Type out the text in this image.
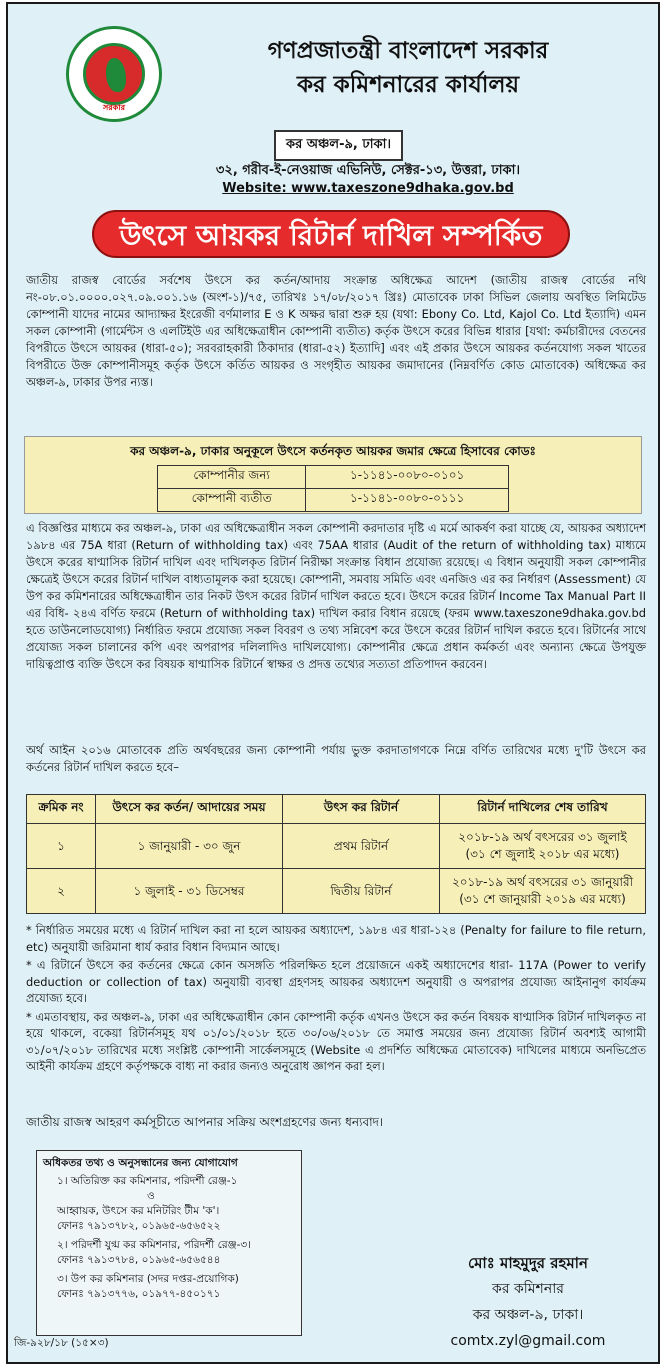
সরকার
গণপ্রজাতন্ত্রী বাংলাদেশ সরকার
কর কমিশনারের কার্যালয়
কর অঞ্চল-৯, ঢাকা।
৩২, গরীব-ই-নেওয়াজ এভিনিউ, সেক্টর-১৩, উত্তরা, ঢাকা।
Website: www.taxeszone9dhaka.gov.bd
উৎসে আয়কর রিটার্ন দাখিল সম্পর্কিত
জাতীয় রাজস্ব বোর্ডের সর্বশেষ উৎসে কর কর্তন/আদায় সংক্রান্ত অধিক্ষেত্র আদেশ (জাতীয় রাজস্ব বোর্ডের নথি নং-০৮.০১.০০০০.০২৭.০৯.০০১.১৬ (অংশ-১)/৭৫, তারিখঃ ১৭/০৮/২০১৭ খ্রিঃ) মোতাবেক ঢাকা সিভিল জেলায় অবস্থিত লিমিটেড কোম্পানী যাদের নামের আদ্যাক্ষর ইংরেজী বর্ণমালার E ও K অক্ষর দ্বারা শুরু হয় (যথা: Ebony Co. Ltd, Kajol Co. Ltd ইত্যাদি) এমন সকল কোম্পানী (গার্মেন্টস ও এলটিইউ এর অধিক্ষেত্রাধীন কোম্পানী ব্যতীত) কর্তৃক উৎসে করের বিভিন্ন ধারার [যথা: কর্মচারীদের বেতনের বিপরীতে উৎসে আয়কর (ধারা-৫০); সরবরাহকারী ঠিকাদার (ধারা-৫২) ইত্যাদি] এবং এই প্রকার উৎসে আয়কর কর্তনযোগ্য সকল খাতের বিপরীতে উক্ত কোম্পানীসমূহ কর্তৃক উৎসে কর্তিত আয়কর ও সংগৃহীত আয়কর জমাদানের (নিম্নবর্ণিত কোড মোতাবেক) অধিক্ষেত্র কর অঞ্চল-৯, ঢাকার উপর ন্যস্ত।
কর অঞ্চল-৯, ঢাকার অনুকূলে উৎসে কর্তনকৃত আয়কর জমার ক্ষেত্রে হিসাবের কোডঃ
কোম্পানীর জন্য	১-১১৪১-০০৮০-০১০১
কোম্পানী ব্যতীত	১-১১৪১-০০৮০-০১১১
এ বিজ্ঞপ্তির মাধ্যমে কর অঞ্চল-৯, ঢাকা এর অধিক্ষেত্রাধীন সকল কোম্পানী করদাতার দৃষ্টি এ মর্মে আকর্ষণ করা যাচ্ছে যে, আয়কর অধ্যাদেশ ১৯৮৪ এর 75A ধারা (Return of withholding tax) এবং 75AA ধারার (Audit of the return of withholding tax) মাধ্যমে উৎসে করের ষাণ্মাসিক রিটার্ন দাখিল এবং দাখিলকৃত রিটার্ন নিরীক্ষা সংক্রান্ত বিধান প্রযোজ্য রয়েছে। এ বিধান অনুযায়ী সকল কোম্পানীর ক্ষেত্রেই উৎসে করের রিটার্ন দাখিল বাধ্যতামূলক করা হয়েছে। কোম্পানী, সমবায় সমিতি এবং এনজিও এর কর নির্ধারণ (Assessment) যে উপ কর কমিশনারের অধিক্ষেত্রাধীন তার নিকট উৎস করের রিটার্ন দাখিল করতে হবে। উৎসে করের রিটার্ন Income Tax Manual Part II এর বিধি- ২৪এ বর্ণিত ফরমে (Return of withholding tax) দাখিল করার বিধান রয়েছে (ফরম www.taxeszone9dhaka.gov.bd হতে ডাউনলোডযোগ্য) নির্ধারিত ফরমে প্রযোজ্য সকল বিবরণ ও তথ্য সন্নিবেশ করে উৎসে করের রিটার্ন দাখিল করতে হবে। রিটার্নের সাথে প্রযোজ্য সকল চালানের কপি এবং অপরাপর দলিলাদিও দাখিলযোগ্য। কোম্পানীর ক্ষেত্রে প্রধান কর্মকর্তা এবং অন্যান্য ক্ষেত্রে উপযুক্ত দায়িত্বপ্রাপ্ত ব্যক্তি উৎসে কর বিষয়ক ষাণ্মাসিক রিটার্নে স্বাক্ষর ও প্রদত্ত তথ্যের সত্যতা প্রতিপাদন করবেন।
অর্থ আইন ২০১৬ মোতাবেক প্রতি অর্থবছরের জন্য কোম্পানী পর্যায় ভুক্ত করদাতাগণকে নিম্নে বর্ণিত তারিখের মধ্যে দু'টি উৎসে কর কর্তনের রিটার্ন দাখিল করতে হবে–
ক্রমিক নং	উৎসে কর কর্তন/ আদায়ের সময়	উৎস কর রিটার্ন	রিটার্ন দাখিলের শেষ তারিখ
১	১ জানুয়ারী - ৩০ জুন	প্রথম রিটার্ন	২০১৮-১৯ অর্থ বৎসরের ৩১ জুলাই
(৩১ শে জুলাই ২০১৮ এর মধ্যে)

২	১ জুলাই - ৩১ ডিসেম্বর	দ্বিতীয় রিটার্ন	২০১৮-১৯ অর্থ বৎসরের ৩১ জানুয়ারী
(৩১ শে জানুয়ারী ২০১৯ এর মধ্যে)

* নির্ধারিত সময়ের মধ্যে এ রিটার্ন দাখিল করা না হলে আয়কর অধ্যাদেশ, ১৯৮৪ এর ধারা-১২৪ (Penalty for failure to file return, etc) অনুযায়ী জরিমানা ধার্য করার বিধান বিদ্যমান আছে।

* এ রিটার্নে উৎসে কর কর্তনের ক্ষেত্রে কোন অসঙ্গতি পরিলক্ষিত হলে প্রয়োজনে একই অধ্যাদেশের ধারা- 117A (Power to verify deduction or collection of tax) অনুযায়ী ব্যবস্থা গ্রহণসহ আয়কর অধ্যাদেশ অনুযায়ী ও অপরাপর প্রযোজ্য আইনানুগ কার্যক্রম প্রযোজ্য হবে।

* এমতাবস্থায়, কর অঞ্চল-৯, ঢাকা এর অধিক্ষেত্রাধীন কোন কোম্পানী কর্তৃক এখনও উৎসে কর কর্তন বিষয়ক ষাণ্মাসিক রিটার্ন দাখিলকৃত না হয়ে থাকলে, বকেয়া রিটার্নসমূহ যথ ০১/০১/২০১৮ হতে ৩০/০৬/২০১৮ তে সমাপ্ত সময়ের জন্য প্রযোজ্য রিটার্ন অবশ্যই আগামী ৩১/০৭/২০১৮ তারিখের মধ্যে সংশ্লিষ্ট কোম্পানী সার্কেলসমূহে (Website এ প্রদর্শিত অধিক্ষেত্র মোতাবেক) দাখিলের মাধ্যমে অনভিপ্রেত আইনী কার্যক্রম গ্রহণে কর্তৃপক্ষকে বাধ্য না করার জন্যও অনুরোধ জ্ঞাপন করা হল।

জাতীয় রাজস্ব আহরণ কর্মসূচীতে আপনার সক্রিয় অংশগ্রহণের জন্য ধন্যবাদ।
অধিকতর তথ্য ও অনুসন্ধানের জন্য যোগাযোগ
১। অতিরিক্ত কর কমিশনার, পরিদর্শী রেঞ্জ-১
ও
আহ্বায়ক, উৎসে কর মনিটরিং টীম 'ক'।
ফোনঃ ৭৯১৩৭৮২, ০১৯৬৫-৬৫৬৫২২
২। পরিদর্শী যুগ্ম কর কমিশনার, পরিদর্শী রেঞ্জ-৩।
ফোনঃ ৭৯১৩৭৮৪, ০১৯৬৫-৬৫৬৫৪৪
৩। উপ কর কমিশনার (সদর দপ্তর-প্রয়োগিক)
ফোনঃ ৭৯১৩৭৭৬, ০১৯৭৭-৪৫০১৭১
মোঃ মাহমুদুর রহমান
কর কমিশনার
কর অঞ্চল-৯, ঢাকা।
comtx.zyl@gmail.com
জি-৯২৮/১৮ (১৫×৩)
